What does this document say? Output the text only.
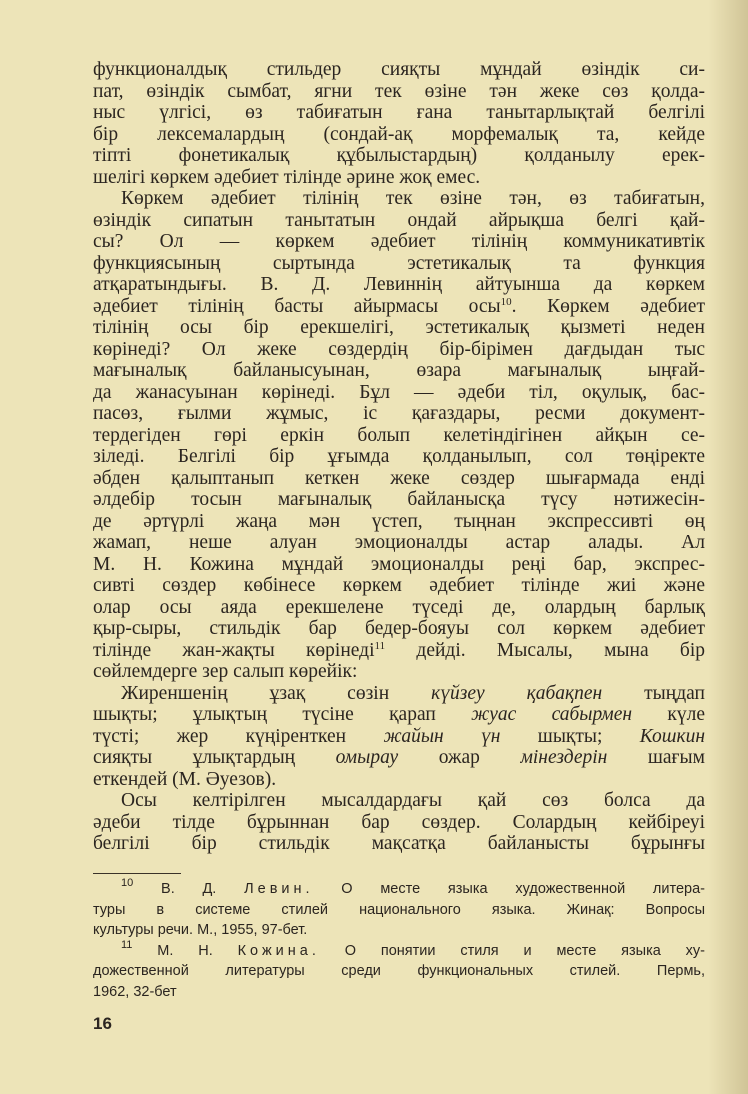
функционалдық стильдер сияқты мұндай өзіндік си-
пат, өзіндік сымбат, ягни тек өзіне тән жеке сөз қолда-
ныс үлгісі, өз табиғатын ғана танытарлықтай белгілі
бір лексемалардың (сондай-ақ морфемалық та, кейде
тіпті фонетикалық құбылыстардың) қолданылу ерек-
шелігі көркем әдебиет тілінде әрине жоқ емес.
Көркем әдебиет тілінің тек өзіне тән, өз табиғатын,
өзіндік сипатын танытатын ондай айрықша белгі қай-
сы? Ол — көркем әдебиет тілінің коммуникативтік
функциясының сыртында эстетикалық та функция
атқаратындығы. В. Д. Левиннің айтуынша да көркем
әдебиет тілінің басты айырмасы осы$^{10}$. Көркем әдебиет
тілінің осы бір ерекшелігі, эстетикалық қызметі неден
көрінеді? Ол жеке сөздердің бір-бірімен дағдыдан тыс
мағыналық байланысуынан, өзара мағыналық ыңғай-
да жанасуынан көрінеді. Бұл — әдеби тіл, оқулық, бас-
пасөз, ғылми жұмыс, іс қағаздары, ресми документ-
тердегіден гөрі еркін болып келетіндігінен айқын се-
зіледі. Белгілі бір ұғымда қолданылып, сол төңіректе
әбден қалыптанып кеткен жеке сөздер шығармада енді
әлдебір тосын мағыналық байланысқа түсу нәтижесін-
де әртүрлі жаңа мән үстеп, тыңнан экспрессивті өң
жамап, неше алуан эмоционалды астар алады. Ал
М. Н. Кожина мұндай эмоционалды реңі бар, экспрес-
сивті сөздер көбінесе көркем әдебиет тілінде жиі және
олар осы аяда ерекшелене түседі де, олардың барлық
қыр-сыры, стильдік бар бедер-бояуы сол көркем әдебиет
тілінде жан-жақты көрінеді$^{11}$ дейді. Мысалы, мына бір
сөйлемдерге зер салып көрейік:
Жиреншенің ұзақ сөзін күйзеу қабақпен тыңдап
шықты; ұлықтың түсіне қарап жуас сабырмен күле
түсті; жер күңіренткен жайын үн шықты; Кошкин
сияқты ұлықтардың омырау ожар мінездерін шағым
еткендей (М. Әуезов).
Осы келтірілген мысалдардағы қай сөз болса да
әдеби тілде бұрыннан бар сөздер. Солардың кейбіреуі
белгілі бір стильдік мақсатқа байланысты бұрынғы
$^{10}$ В. Д. Левин. О месте языка художественной литера-
туры в системе стилей национального языка. Жинақ: Вопросы
культуры речи. М., 1955, 97-бет.
$^{11}$ М. Н. Кожина. О понятии стиля и месте языка ху-
дожественной литературы среди функциональных стилей. Пермь,
1962, 32-бет
16
